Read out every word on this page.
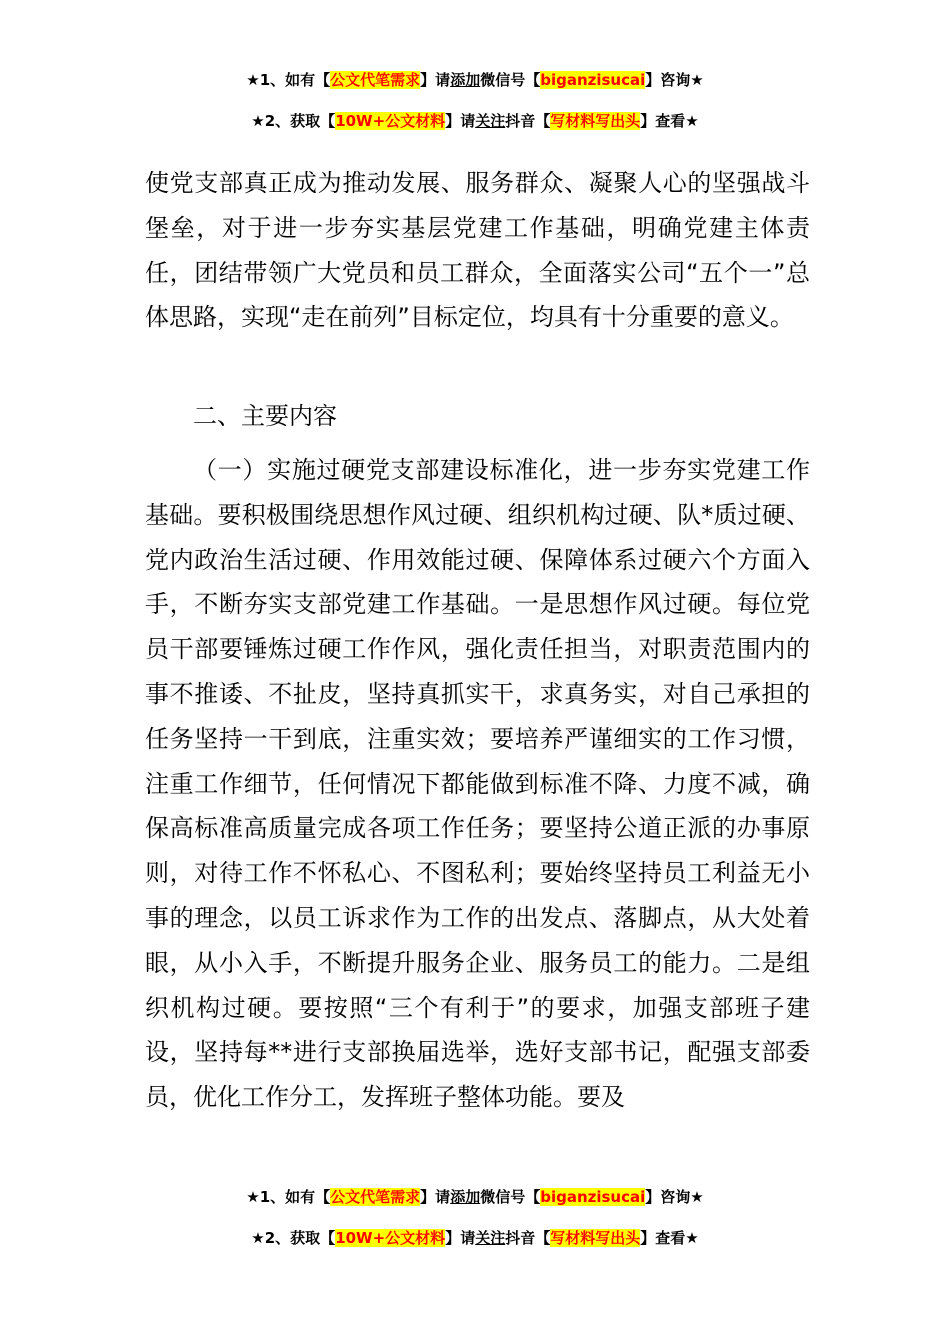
★1、如有【公文代笔需求】请添加微信号【biganzisucai】咨询★
★2、获取【10W+公文材料】请关注抖音【写材料写出头】查看★

使党支部真正成为推动发展、服务群众、凝聚人心的坚强战斗堡垒，对于进一步夯实基层党建工作基础，明确党建主体责任，团结带领广大党员和员工群众，全面落实公司“五个一”总体思路，实现“走在前列”目标定位，均具有十分重要的意义。

二、主要内容

（一）实施过硬党支部建设标准化，进一步夯实党建工作基础。要积极围绕思想作风过硬、组织机构过硬、队*质过硬、党内政治生活过硬、作用效能过硬、保障体系过硬六个方面入手，不断夯实支部党建工作基础。一是思想作风过硬。每位党员干部要锤炼过硬工作作风，强化责任担当，对职责范围内的事不推诿、不扯皮，坚持真抓实干，求真务实，对自己承担的任务坚持一干到底，注重实效；要培养严谨细实的工作习惯，注重工作细节，任何情况下都能做到标准不降、力度不减，确保高标准高质量完成各项工作任务；要坚持公道正派的办事原则，对待工作不怀私心、不图私利；要始终坚持员工利益无小事的理念，以员工诉求作为工作的出发点、落脚点，从大处着眼，从小入手，不断提升服务企业、服务员工的能力。二是组织机构过硬。要按照“三个有利于”的要求，加强支部班子建设，坚持每**进行支部换届选举，选好支部书记，配强支部委员，优化工作分工，发挥班子整体功能。要及

★1、如有【公文代笔需求】请添加微信号【biganzisucai】咨询★
★2、获取【10W+公文材料】请关注抖音【写材料写出头】查看★
